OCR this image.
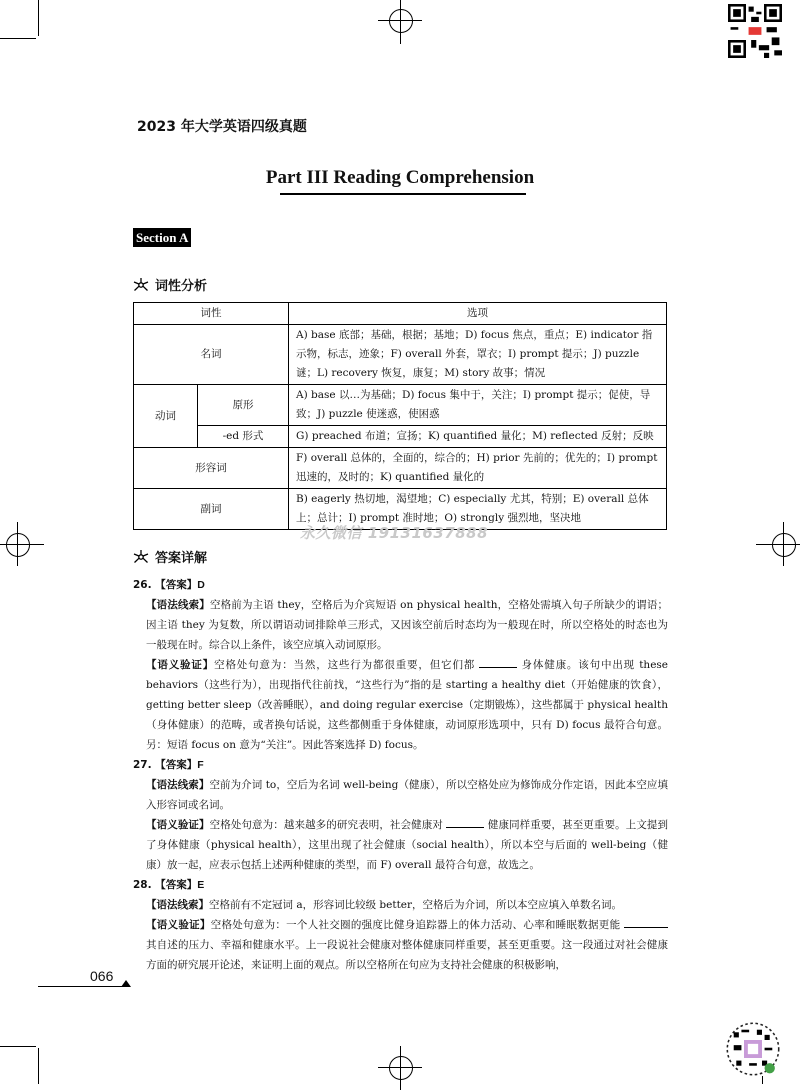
2023 年大学英语四级真题
Part III Reading Comprehension
Section A
词性分析
词性		选项
名词		A) base 底部；基础，根据；基地；D) focus 焦点，重点；E) indicator 指示物，标志，迹象；F) overall 外套，罩衣；I) prompt 提示；J) puzzle 谜；L) recovery 恢复，康复；M) story 故事；情况
动词	原形	A) base 以…为基础；D) focus 集中于，关注；I) prompt 提示；促使，导致；J) puzzle 使迷惑，使困惑
	-ed 形式	G) preached 布道；宣扬；K) quantified 量化；M) reflected 反射；反映
形容词		F) overall 总体的，全面的，综合的；H) prior 先前的；优先的；I) prompt 迅速的，及时的；K) quantified 量化的
副词		B) eagerly 热切地，渴望地；C) especially 尤其，特别；E) overall 总体上；总计；I) prompt 准时地；O) strongly 强烈地，坚决地
永久微信 19131637888
答案详解
26. 【答案】D
【语法线索】空格前为主语 they，空格后为介宾短语 on physical health，空格处需填入句子所缺少的谓语；因主语 they 为复数，所以谓语动词排除单三形式，又因该空前后时态均为一般现在时，所以空格处的时态也为一般现在时。综合以上条件，该空应填入动词原形。
【语义验证】空格处句意为：当然，这些行为都很重要，但它们都	身体健康。该句中出现 these behaviors（这些行为），出现指代往前找，“这些行为”指的是 starting a healthy diet（开始健康的饮食），getting better sleep（改善睡眠），and doing regular exercise（定期锻炼），这些都属于 physical health（身体健康）的范畴，或者换句话说，这些都侧重于身体健康，动词原形选项中，只有 D) focus 最符合句意。另：短语 focus on 意为“关注”。因此答案选择 D) focus。
27. 【答案】F
【语法线索】空前为介词 to，空后为名词 well-being（健康），所以空格处应为修饰成分作定语，因此本空应填入形容词或名词。
【语义验证】空格处句意为：越来越多的研究表明，社会健康对	健康同样重要，甚至更重要。上文提到了身体健康（physical health），这里出现了社会健康（social health），所以本空与后面的 well-being（健康）放一起，应表示包括上述两种健康的类型，而 F) overall 最符合句意，故选之。
28. 【答案】E
【语法线索】空格前有不定冠词 a，形容词比较级 better，空格后为介词，所以本空应填入单数名词。
【语义验证】空格处句意为：一个人社交圈的强度比健身追踪器上的体力活动、心率和睡眠数据更能  其自述的压力、幸福和健康水平。上一段说社会健康对整体健康同样重要，甚至更重要。这一段通过对社会健康方面的研究展开论述，来证明上面的观点。所以空格所在句应为支持社会健康的积极影响，
066
